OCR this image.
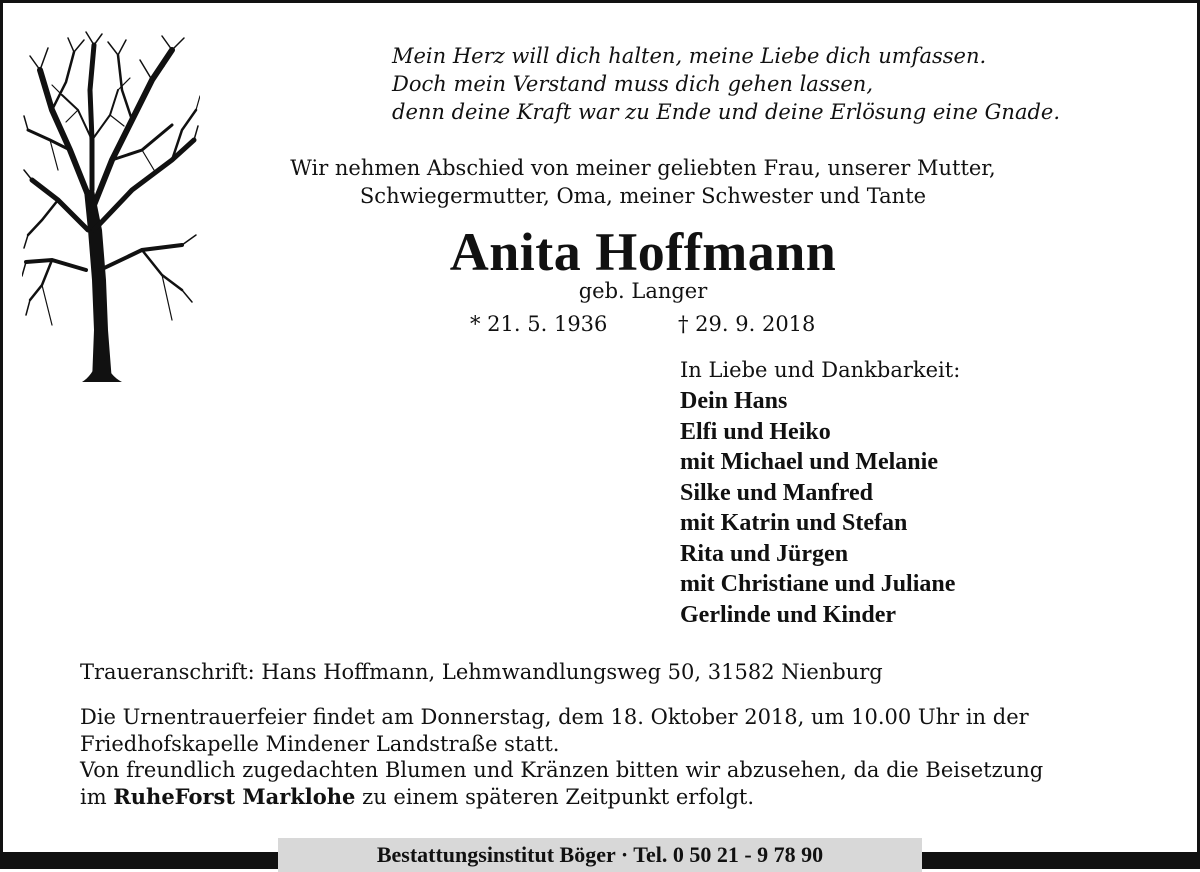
Mein Herz will dich halten, meine Liebe dich umfassen.
Doch mein Verstand muss dich gehen lassen,
denn deine Kraft war zu Ende und deine Erlösung eine Gnade.
Wir nehmen Abschied von meiner geliebten Frau, unserer Mutter,
Schwiegermutter, Oma, meiner Schwester und Tante
Anita Hoffmann
geb. Langer
* 21. 5. 1936	† 29. 9. 2018
In Liebe und Dankbarkeit:
Dein Hans
Elfi und Heiko
mit Michael und Melanie
Silke und Manfred
mit Katrin und Stefan
Rita und Jürgen
mit Christiane und Juliane
Gerlinde und Kinder
Traueranschrift: Hans Hoffmann, Lehmwandlungsweg 50, 31582 Nienburg
Die Urnentrauerfeier findet am Donnerstag, dem 18. Oktober 2018, um 10.00 Uhr in der
Friedhofskapelle Mindener Landstraße statt.
Von freundlich zugedachten Blumen und Kränzen bitten wir abzusehen, da die Beisetzung
im RuheForst Marklohe zu einem späteren Zeitpunkt erfolgt.
Bestattungsinstitut Böger · Tel. 0 50 21 - 9 78 90
